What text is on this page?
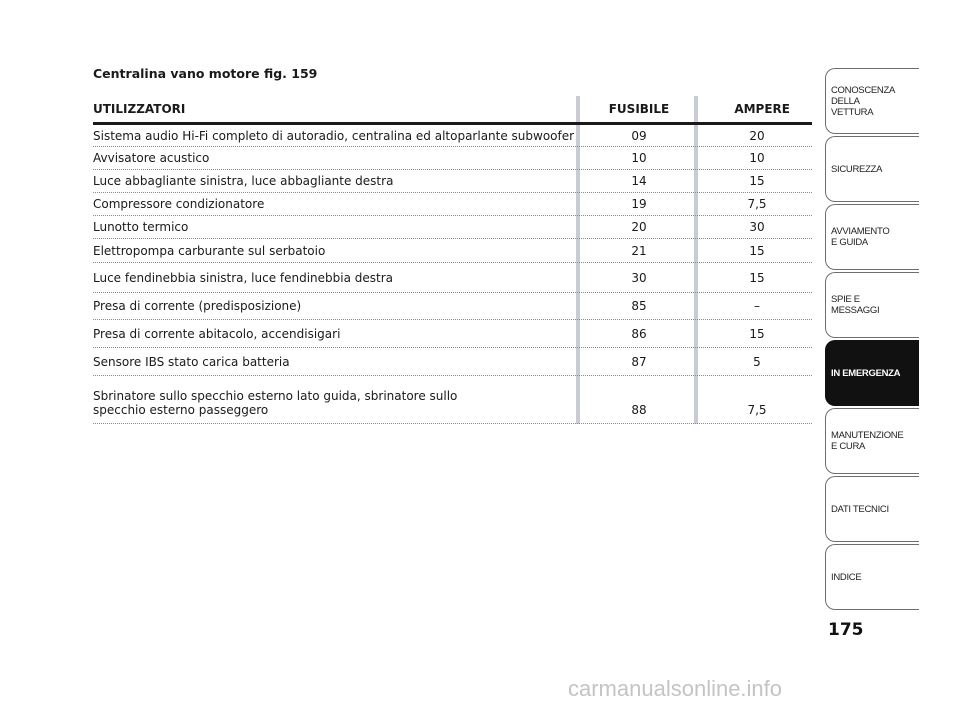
Centralina vano motore fig. 159
UTILIZZATORI	FUSIBILE	AMPERE
Sistema audio Hi-Fi completo di autoradio, centralina ed altoparlante subwoofer	09	20
Avvisatore acustico	10	10
Luce abbagliante sinistra, luce abbagliante destra	14	15
Compressore condizionatore	19	7,5
Lunotto termico	20	30
Elettropompa carburante sul serbatoio	21	15
Luce fendinebbia sinistra, luce fendinebbia destra	30	15
Presa di corrente (predisposizione)	85	–
Presa di corrente abitacolo, accendisigari	86	15
Sensore IBS stato carica batteria	87	5
Sbrinatore sullo specchio esterno lato guida, sbrinatore sullo specchio esterno passeggero	88	7,5
CONOSCENZA
DELLA
VETTURA
SICUREZZA
AVVIAMENTO
E GUIDA
SPIE E
MESSAGGI
IN EMERGENZA
MANUTENZIONE
E CURA
DATI TECNICI
INDICE
175
carmanualsonline.info
